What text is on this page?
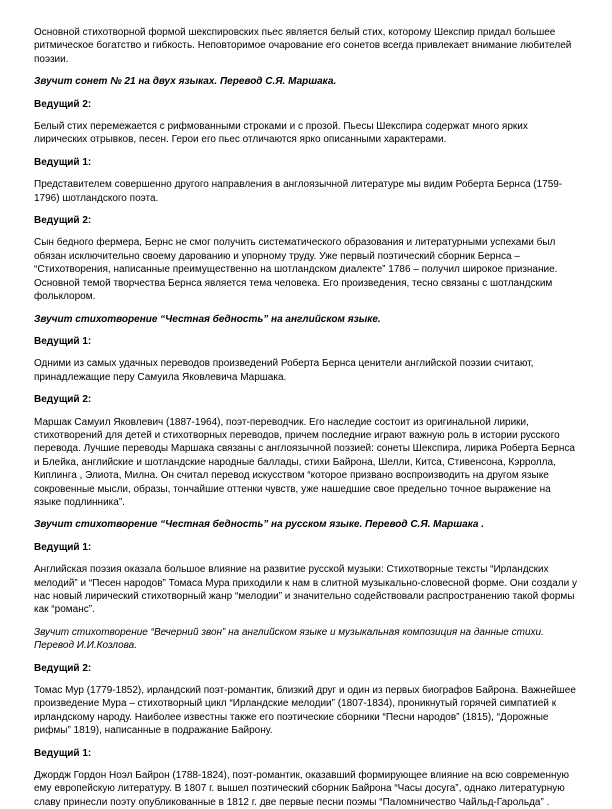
Основной стихотворной формой шекспировских пьес является белый стих, которому Шекспир придал большее ритмическое богатство и гибкость. Неповторимое очарование его сонетов всегда привлекает внимание любителей поэзии.

Звучит сонет № 21 на двух языках. Перевод С.Я. Маршака.

Ведущий 2:

Белый стих перемежается с рифмованными строками и с прозой. Пьесы Шекспира содержат много ярких лирических отрывков, песен. Герои его пьес отличаются ярко описанными характерами.

Ведущий 1:

Представителем совершенно другого направления в англоязычной литературе мы видим Роберта Бернса (1759-1796) шотландского поэта.

Ведущий 2:

Сын бедного фермера, Бернс не смог получить систематического образования и литературными успехами был обязан исключительно своему дарованию и упорному труду. Уже первый поэтический сборник Бернса – “Стихотворения, написанные преимущественно на шотландском диалекте” 1786 – получил широкое признание. Основной темой творчества Бернса является тема человека. Его произведения, тесно связаны с шотландским фольклором.

Звучит стихотворение “Честная бедность” на английском языке.

Ведущий 1:

Одними из самых удачных переводов произведений Роберта Бернса ценители английской поэзии считают, принадлежащие перу Самуила Яковлевича Маршака.

Ведущий 2:

Маршак Самуил Яковлевич (1887-1964), поэт-переводчик. Его наследие состоит из оригинальной лирики, стихотворений для детей и стихотворных переводов, причем последние играют важную роль в истории русского перевода. Лучшие переводы Маршака связаны с англоязычной поэзией: сонеты Шекспира, лирика Роберта Бернса и Блейка, английские и шотландские народные баллады, стихи Байрона, Шелли, Китса, Стивенсона, Кэрролла, Киплинга , Элиота, Милна. Он считал перевод искусством “которое призвано воспроизводить на другом языке сокровенные мысли, образы, тончайшие оттенки чувств, уже нашедшие свое предельно точное выражение на языке подлинника”.

Звучит стихотворение “Честная бедность” на русском языке. Перевод С.Я. Маршака .

Ведущий 1:

Английская поэзия оказала большое влияние на развитие русской музыки: Стихотворные тексты “Ирландских мелодий” и “Песен народов” Томаса Мура приходили к нам в слитной музыкально-словесной форме. Они создали у нас новый лирический стихотворный жанр “мелодии” и значительно содействовали распространению такой формы как “романс”.

Звучит стихотворение “Вечерний звон” на английском языке и музыкальная композиция на данные стихи. Перевод И.И.Козлова.

Ведущий 2:

Томас Мур (1779-1852), ирландский поэт-романтик, близкий друг и один из первых биографов Байрона. Важнейшее произведение Мура – стихотворный цикл “Ирландские мелодии” (1807-1834), проникнутый горячей симпатией к ирландскому народу. Наиболее известны также его поэтические сборники “Песни народов” (1815), “Дорожные рифмы” 1819), написанные в подражание Байрону.

Ведущий 1:

Джордж Гордон Ноэл Байрон (1788-1824), поэт-романтик, оказавший формирующее влияние на всю современную ему европейскую литературу. В 1807 г. вышел поэтический сборник Байрона “Часы досуга”, однако литературную славу принесли поэту опубликованные в 1812 г. две первые песни поэмы “Паломничество Чайльд-Гарольда” .
